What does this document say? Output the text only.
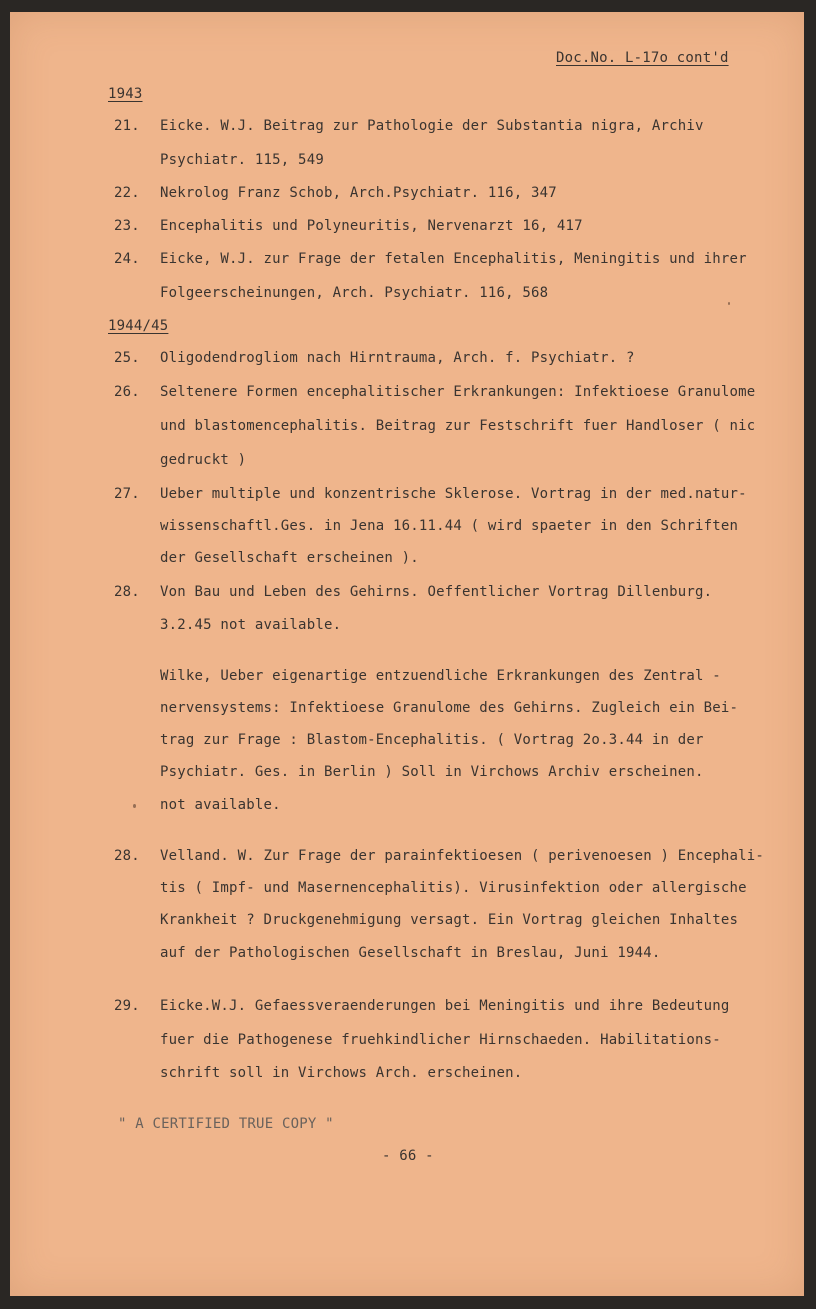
Doc.No. L-17o cont'd
1943
21. Eicke. W.J. Beitrag zur Pathologie der Substantia nigra, Archiv
Psychiatr. 115, 549
22. Nekrolog Franz Schob, Arch.Psychiatr. 116, 347
23. Encephalitis und Polyneuritis, Nervenarzt 16, 417
24. Eicke, W.J. zur Frage der fetalen Encephalitis, Meningitis und ihrer
Folgeerscheinungen, Arch. Psychiatr. 116, 568
1944/45
25. Oligodendrogliom nach Hirntrauma, Arch. f. Psychiatr. ?
26. Seltenere Formen encephalitischer Erkrankungen: Infektioese Granulome
und blastomencephalitis. Beitrag zur Festschrift fuer Handloser ( nic
gedruckt )
27. Ueber multiple und konzentrische Sklerose. Vortrag in der med.natur-
wissenschaftl.Ges. in Jena 16.11.44 ( wird spaeter in den Schriften
der Gesellschaft erscheinen ).
28. Von Bau und Leben des Gehirns. Oeffentlicher Vortrag Dillenburg.
3.2.45 not available.
Wilke, Ueber eigenartige entzuendliche Erkrankungen des Zentral -
nervensystems: Infektioese Granulome des Gehirns. Zugleich ein Bei-
trag zur Frage : Blastom-Encephalitis. ( Vortrag 2o.3.44 in der
Psychiatr. Ges. in Berlin ) Soll in Virchows Archiv erscheinen.
not available.
28. Velland. W. Zur Frage der parainfektioesen ( perivenoesen ) Encephali-
tis ( Impf- und Masernencephalitis). Virusinfektion oder allergische
Krankheit ? Druckgenehmigung versagt. Ein Vortrag gleichen Inhaltes
auf der Pathologischen Gesellschaft in Breslau, Juni 1944.
29. Eicke.W.J. Gefaessveraenderungen bei Meningitis und ihre Bedeutung
fuer die Pathogenese fruehkindlicher Hirnschaeden. Habilitations-
schrift soll in Virchows Arch. erscheinen.
" A CERTIFIED TRUE COPY "
- 66 -
